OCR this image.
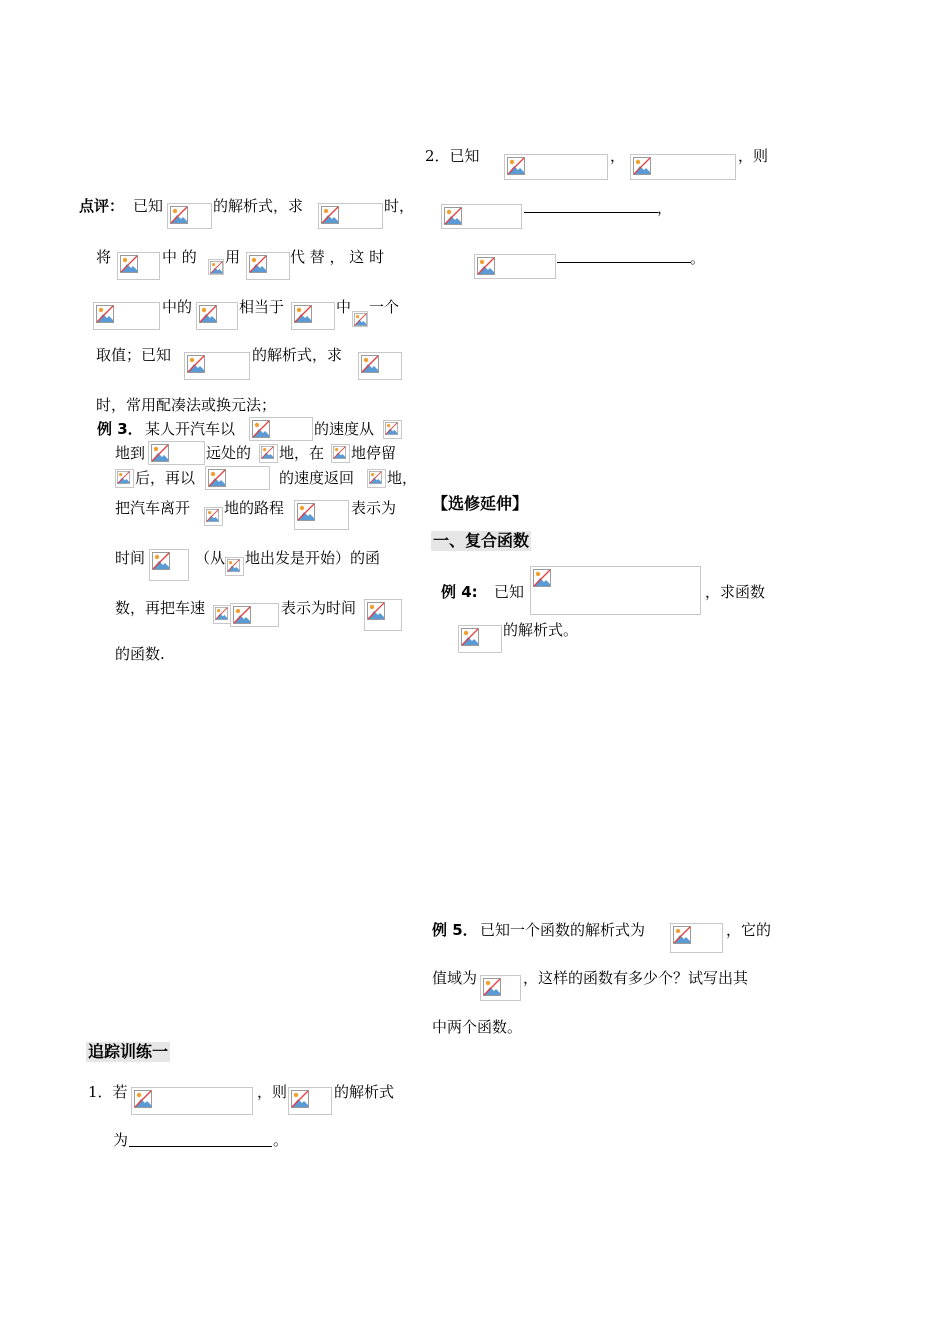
点评： 已知	的解析式，求	时，
将	中 的 用	代 替 ， 这 时
中的	相当于	中 一个
取值；已知	的解析式，求
时，常用配凑法或换元法；
例 3． 某人开汽车以	的速度从
地到	远处的 地，在 地停留
后，再以	的速度返回 地，
把汽车离开 地的路程	表示为
时间	（从 地出发是开始）的函
数，再把车速	表示为时间
的函数.
追踪训练一
1．若	，则	的解析式
为	。
2．已知	，	，则
，
。
【选修延伸】
一、复合函数
例 4: 已知	，求函数
的解析式。
例 5． 已知一个函数的解析式为	，它的
值域为	，这样的函数有多少个？试写出其
中两个函数。
